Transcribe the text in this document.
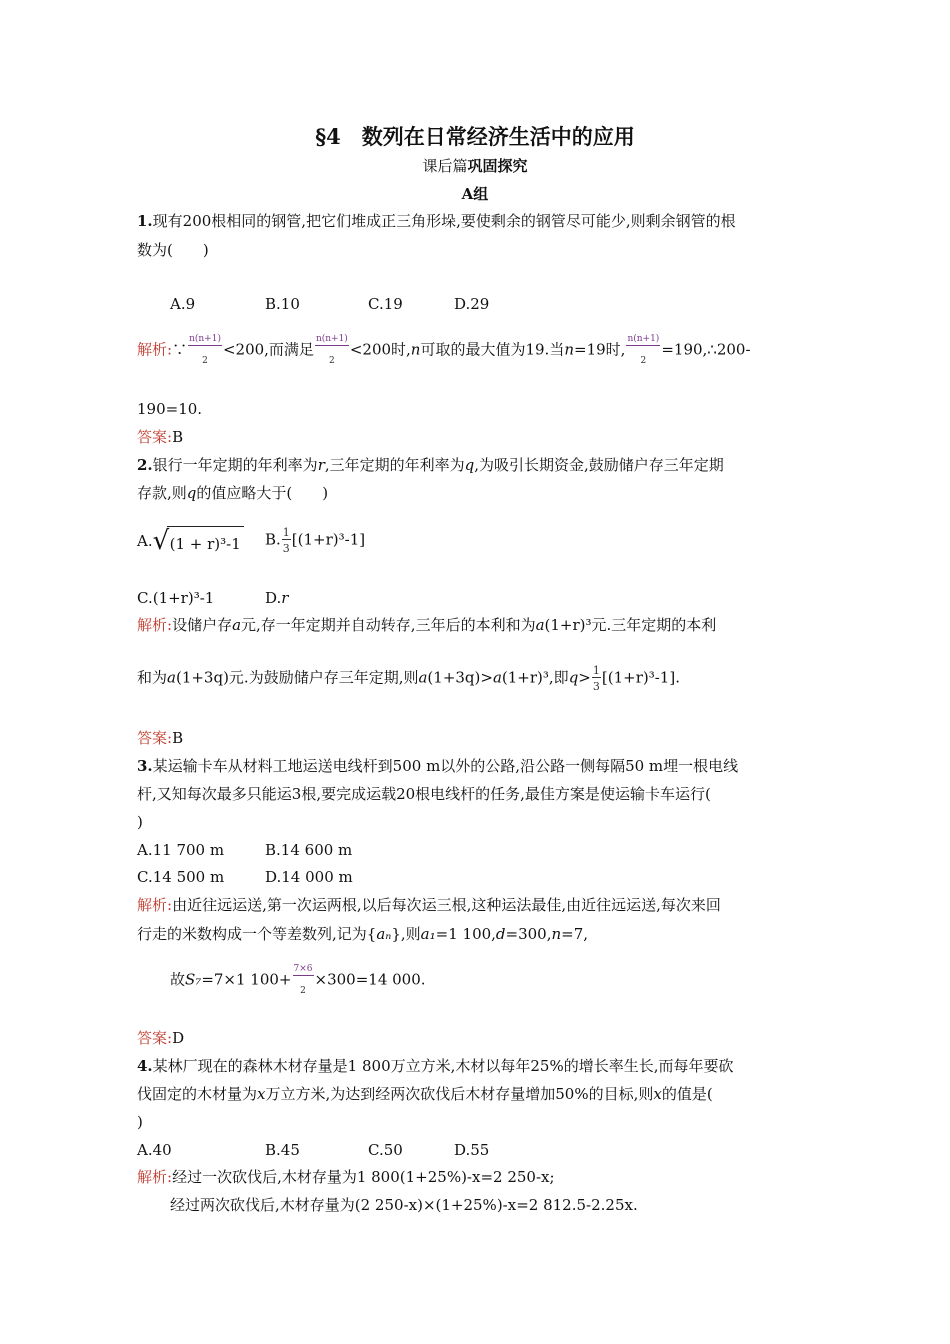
§4　数列在日常经济生活中的应用
课后篇巩固探究
A组
1.现有200根相同的钢管,把它们堆成正三角形垛,要使剩余的钢管尽可能少,则剩余钢管的根
数为(　　)
A.9	B.10	C.19	D.29
解析:∵ $\frac{n(n+1)}{2} <200$,而满足 $\frac{n(n+1)}{2} <200$时,n可取的最大值为19.当n=19时, $\frac{n(n+1)}{2}$ =190,∴200-
190=10.
答案:B
2.银行一年定期的年利率为r,三年定期的年利率为q,为吸引长期资金,鼓励储户存三年定期
存款,则q的值应略大于(　　)
A. √ (1 + r)³-1 B. $\frac{1}{3} [(1+r)^3-1]$
C.(1+r)³-1	D.r
解析:设储户存a元,存一年定期并自动转存,三年后的本利和为a(1+r)³元.三年定期的本利
和为a(1+3q)元.为鼓励储户存三年定期,则a(1+3q)>a(1+r)³,即$q> \frac{1}{3} [(1+r)^3-1]$.
答案:B
3.某运输卡车从材料工地运送电线杆到500 m以外的公路,沿公路一侧每隔50 m埋一根电线
杆,又知每次最多只能运3根,要完成运载20根电线杆的任务,最佳方案是使运输卡车运行(
)
A.11 700 m	B.14 600 m
C.14 500 m	D.14 000 m
解析:由近往远运送,第一次运两根,以后每次运三根,这种运法最佳,由近往远运送,每次来回
行走的米数构成一个等差数列,记为{aₙ},则a₁=1 100,d=300,n=7,
故S₇=7×1 $100+ \frac{7\times 6}{2} \times 300=14$ 000.
答案:D
4.某林厂现在的森林木材存量是1 800万立方米,木材以每年25%的增长率生长,而每年要砍
伐固定的木材量为x万立方米,为达到经两次砍伐后木材存量增加50%的目标,则x的值是(
)
A.40	B.45	C.50	D.55
解析:经过一次砍伐后,木材存量为1 800(1+25%)-x=2 250-x;
经过两次砍伐后,木材存量为(2 250-x)×(1+25%)-x=2 812.5-2.25x.
